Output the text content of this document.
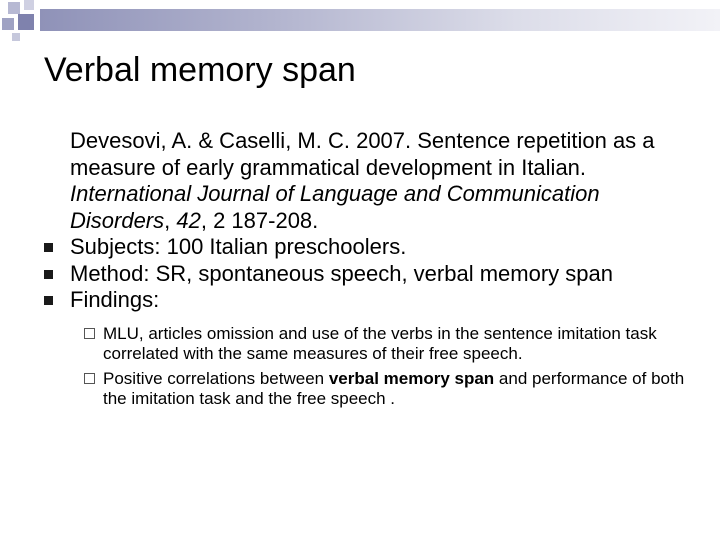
Verbal memory span

Devesovi, A. & Caselli, M. C. 2007. Sentence repetition as a measure of early grammatical development in Italian. International Journal of Language and Communication Disorders, 42, 2 187-208.

Subjects: 100 Italian preschoolers.

Method: SR, spontaneous speech, verbal memory span

Findings:

MLU, articles omission and use of the verbs in the sentence imitation task correlated with the same measures of their free speech.

Positive correlations between verbal memory span and performance of both the imitation task and the free speech .
